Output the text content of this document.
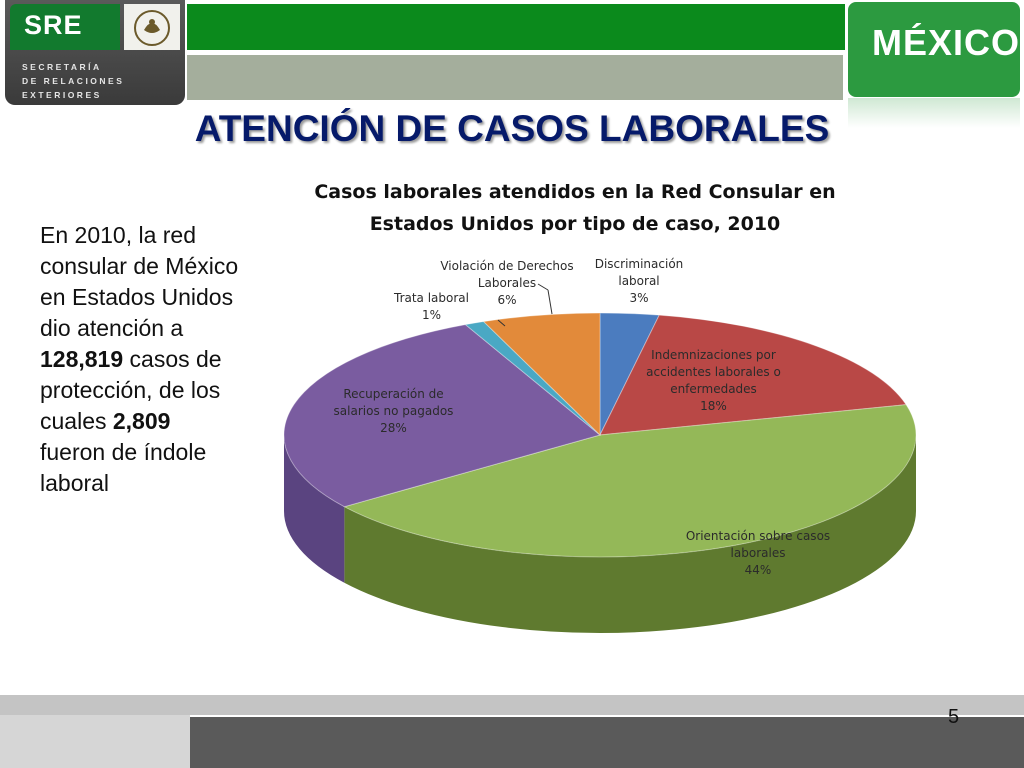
SRE
SECRETARÍA
DE RELACIONES
EXTERIORES
MÉXICO
ATENCIÓN DE CASOS LABORALES
En 2010, la red consular de México en Estados Unidos dio atención a 128,819 casos de protección, de los cuales 2,809 fueron de índole laboral
Casos laborales atendidos en la Red Consular en Estados Unidos por tipo de caso, 2010
Discriminación
laboral
3%
Indemnizaciones por
accidentes laborales o
enfermedades
18%
Orientación sobre casos
laborales
44%
Recuperación de
salarios no pagados
28%
Trata laboral
1%
Violación de Derechos
Laborales
6%
5
